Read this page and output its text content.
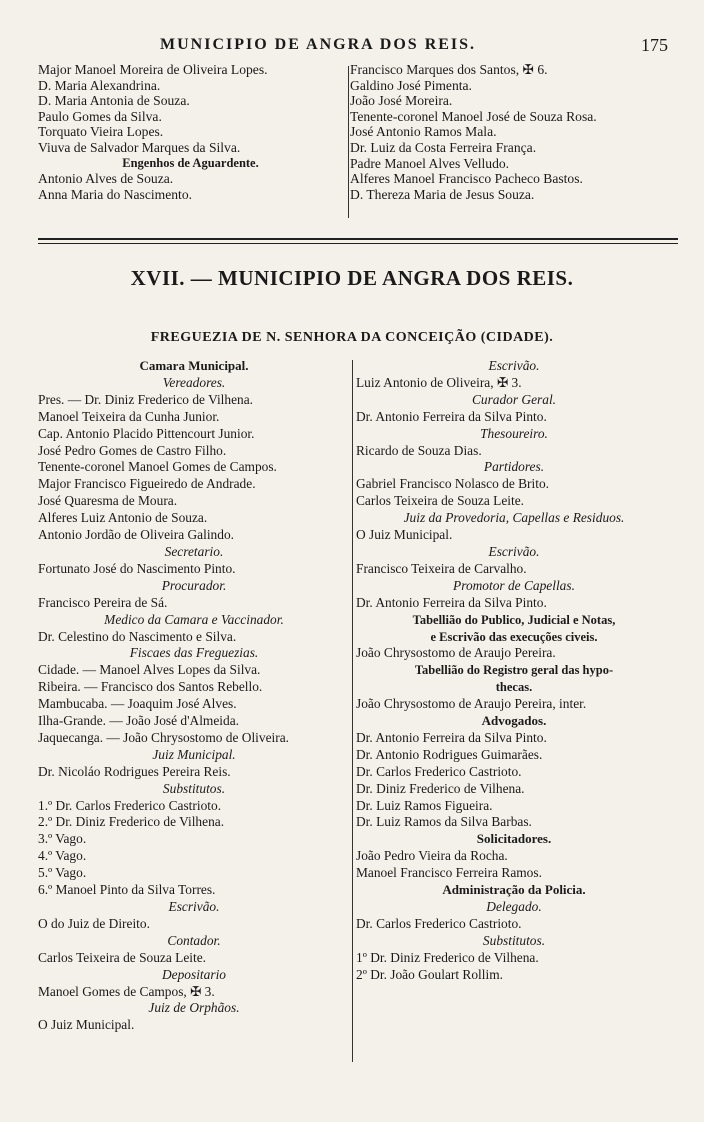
MUNICIPIO DE ANGRA DOS REIS.	175
Major Manoel Moreira de Oliveira Lopes.
D. Maria Alexandrina.
D. Maria Antonia de Souza.
Paulo Gomes da Silva.
Torquato Vieira Lopes.
Viuva de Salvador Marques da Silva.
Engenhos de Aguardente.
Antonio Alves de Souza.
Anna Maria do Nascimento.
Francisco Marques dos Santos, ✠ 6.
Galdino José Pimenta.
João José Moreira.
Tenente-coronel Manoel José de Souza Rosa.
José Antonio Ramos Mala.
Dr. Luiz da Costa Ferreira França.
Padre Manoel Alves Velludo.
Alferes Manoel Francisco Pacheco Bastos.
D. Thereza Maria de Jesus Souza.
XVII. — MUNICIPIO DE ANGRA DOS REIS.
FREGUEZIA DE N. SENHORA DA CONCEIÇÃO (CIDADE).
Camara Municipal.
Vereadores.
Pres. — Dr. Diniz Frederico de Vilhena.
Manoel Teixeira da Cunha Junior.
Cap. Antonio Placido Pittencourt Junior.
José Pedro Gomes de Castro Filho.
Tenente-coronel Manoel Gomes de Campos.
Major Francisco Figueiredo de Andrade.
José Quaresma de Moura.
Alferes Luiz Antonio de Souza.
Antonio Jordão de Oliveira Galindo.
Secretario.
Fortunato José do Nascimento Pinto.
Procurador.
Francisco Pereira de Sá.
Medico da Camara e Vaccinador.
Dr. Celestino do Nascimento e Silva.
Fiscaes das Freguezias.
Cidade. — Manoel Alves Lopes da Silva.
Ribeira. — Francisco dos Santos Rebello.
Mambucaba. — Joaquim José Alves.
Ilha-Grande. — João José d'Almeida.
Jaquecanga. — João Chrysostomo de Oliveira.
Juiz Municipal.
Dr. Nicoláo Rodrigues Pereira Reis.
Substitutos.
1.º Dr. Carlos Frederico Castrioto.
2.º Dr. Diniz Frederico de Vilhena.
3.º Vago.
4.º Vago.
5.º Vago.
6.º Manoel Pinto da Silva Torres.
Escrivão.
O do Juiz de Direito.
Contador.
Carlos Teixeira de Souza Leite.
Depositario
Manoel Gomes de Campos, ✠ 3.
Juiz de Orphãos.
O Juiz Municipal.
Escrivão.
Luiz Antonio de Oliveira, ✠ 3.
Curador Geral.
Dr. Antonio Ferreira da Silva Pinto.
Thesoureiro.
Ricardo de Souza Dias.
Partidores.
Gabriel Francisco Nolasco de Brito.
Carlos Teixeira de Souza Leite.
Juiz da Provedoria, Capellas e Residuos.
O Juiz Municipal.
Escrivão.
Francisco Teixeira de Carvalho.
Promotor de Capellas.
Dr. Antonio Ferreira da Silva Pinto.
Tabellião do Publico, Judicial e Notas,
e Escrivão das execuções civeis.
João Chrysostomo de Araujo Pereira.
Tabellião do Registro geral das hypo-
thecas.
João Chrysostomo de Araujo Pereira, inter.
Advogados.
Dr. Antonio Ferreira da Silva Pinto.
Dr. Antonio Rodrigues Guimarães.
Dr. Carlos Frederico Castrioto.
Dr. Diniz Frederico de Vilhena.
Dr. Luiz Ramos Figueira.
Dr. Luiz Ramos da Silva Barbas.
Solicitadores.
João Pedro Vieira da Rocha.
Manoel Francisco Ferreira Ramos.
Administração da Policia.
Delegado.
Dr. Carlos Frederico Castrioto.
Substitutos.
1º Dr. Diniz Frederico de Vilhena.
2º Dr. João Goulart Rollim.
